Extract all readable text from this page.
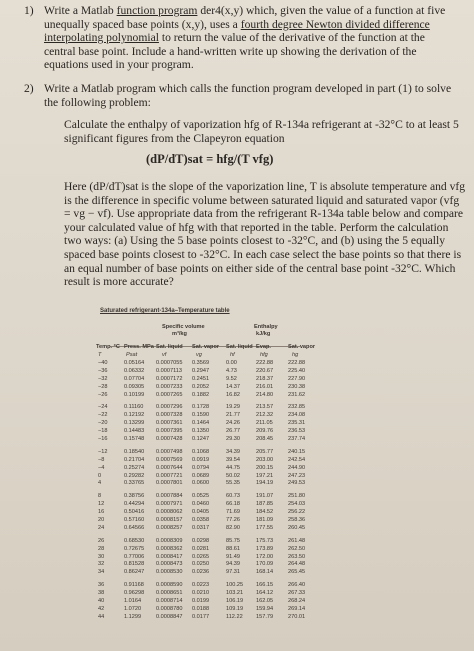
1) Write a Matlab function program der4(x,y) which, given the value of a function at five unequally spaced base points (x,y), uses a fourth degree Newton divided difference interpolating polynomial to return the value of the derivative of the function at the central base point. Include a hand-written write up showing the derivation of the equations used in your program.
2) Write a Matlab program which calls the function program developed in part (1) to solve the following problem:
Calculate the enthalpy of vaporization hfg of R-134a refrigerant at -32°C to at least 5 significant figures from the Clapeyron equation
(dP/dT)sat = hfg/(T vfg)
Here (dP/dT)sat is the slope of the vaporization line, T is absolute temperature and vfg is the difference in specific volume between saturated liquid and saturated vapor (vfg = vg − vf). Use appropriate data from the refrigerant R-134a table below and compare your calculated value of hfg with that reported in the table. Perform the calculation two ways: (a) Using the 5 base points closest to -32°C, and (b) using the 5 equally spaced base points closest to -32°C. In each case select the base points so that there is an equal number of base points on either side of the central base point -32°C. Which result is more accurate?
Saturated refrigerant-134a–Temperature table
Specific volume
m³/kg
Enthalpy
kJ/kg
Temp. °C Press. MPa Sat. liquid Sat. vapor Sat. liquid Evap.	Sat. vapor
T	Psat	vf	vg	hf	hfg	hg
−40	0.05164 0.0007055 0.3569	0.00	222.88	222.88
−36	0.06332 0.0007113 0.2947	4.73	220.67	225.40
−32	0.07704 0.0007172 0.2451	9.52	218.37	227.90
−28	0.09305 0.0007233 0.2052	14.37	216.01	230.38
−26	0.10199 0.0007265 0.1882	16.82	214.80	231.62
−24	0.11160 0.0007296 0.1728	19.29	213.57	232.85
−22	0.12192 0.0007328 0.1590	21.77	212.32	234.08
−20	0.13299 0.0007361 0.1464	24.26	211.05	235.31
−18	0.14483 0.0007395 0.1350	26.77	209.76	236.53
−16	0.15748 0.0007428 0.1247	29.30	208.45	237.74
−12	0.18540 0.0007498 0.1068	34.39	205.77	240.15
−8	0.21704 0.0007569 0.0919	39.54	203.00	242.54
−4	0.25274 0.0007644 0.0794	44.75	200.15	244.90
0	0.29282 0.0007721 0.0689	50.02	197.21	247.23
4	0.33765 0.0007801 0.0600	55.35	194.19	249.53
8	0.38756 0.0007884 0.0525	60.73	191.07	251.80
12	0.44294 0.0007971 0.0460	66.18	187.85	254.03
16	0.50416 0.0008062 0.0405	71.69	184.52	256.22
20	0.57160 0.0008157 0.0358	77.26	181.09	258.36
24	0.64566 0.0008257 0.0317	82.90	177.55	260.45
26	0.68530 0.0008309 0.0298	85.75	175.73	261.48
28	0.72675 0.0008362 0.0281	88.61	173.89	262.50
30	0.77006 0.0008417 0.0265	91.49	172.00	263.50
32	0.81528 0.0008473 0.0250	94.39	170.09	264.48
34	0.86247 0.0008530 0.0236	97.31	168.14	265.45
36	0.91168 0.0008590 0.0223	100.25 166.15	266.40
38	0.96298 0.0008651 0.0210	103.21 164.12	267.33
40	1.0164	0.0008714 0.0199	106.19 162.05	268.24
42	1.0720	0.0008780 0.0188	109.19 159.94	269.14
44	1.1299	0.0008847 0.0177	112.22 157.79	270.01
